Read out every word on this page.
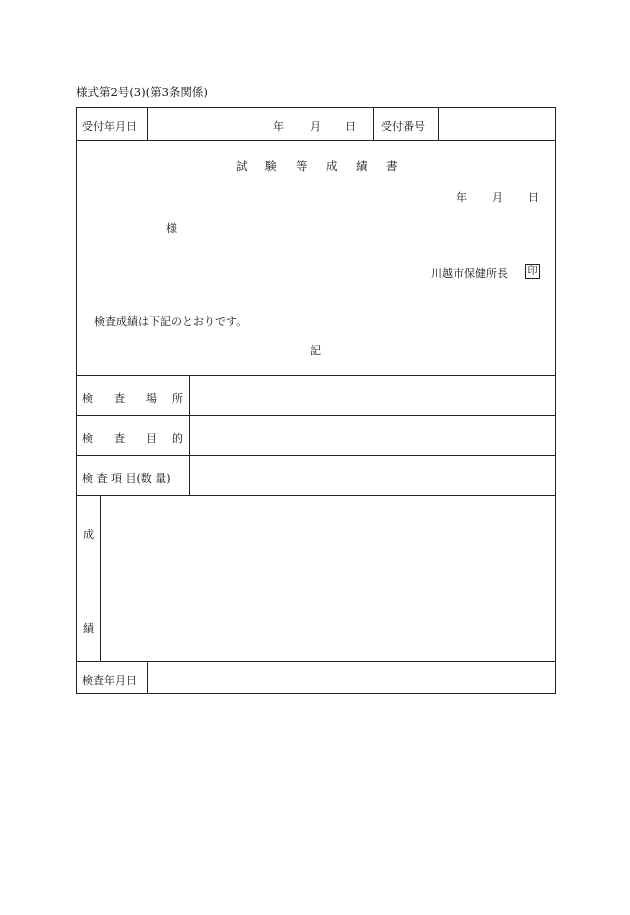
様式第2号(3)(第3条関係)
受付年月日	年 月 日 受付番号
試 験 等 成 績 書
年 月 日
様
川越市保健所長 印
検査成績は下記のとおりです。
記
検 査 場 所
検 査 目 的
検 査 項 目(数 量)
成
績
検査年月日
